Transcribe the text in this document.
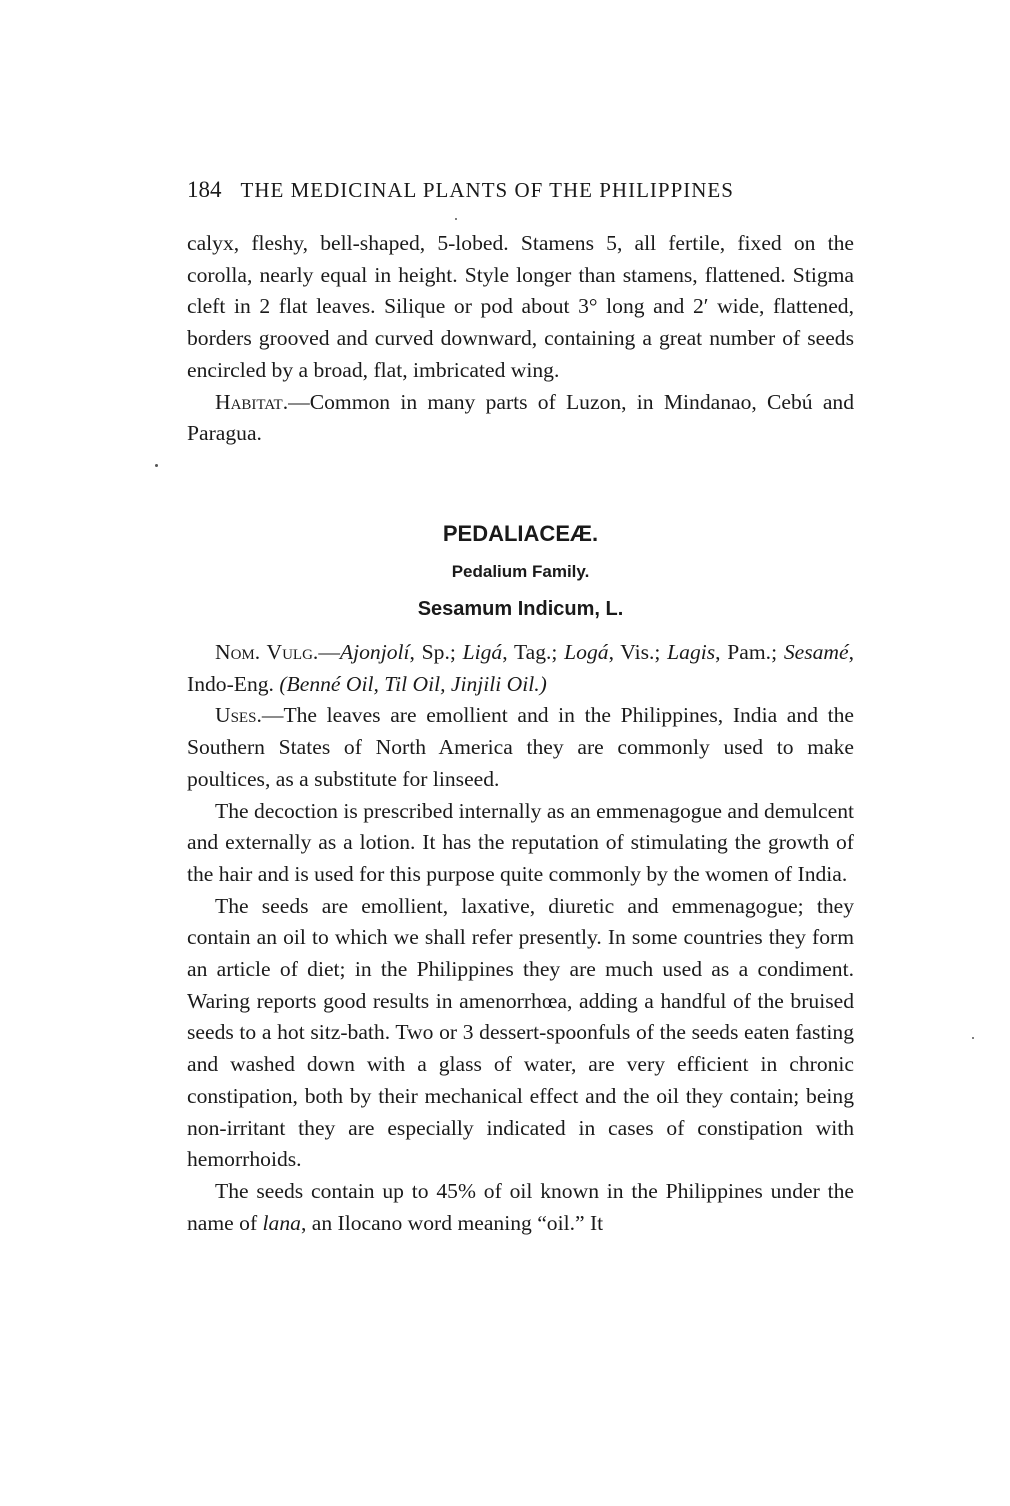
184 THE MEDICINAL PLANTS OF THE PHILIPPINES

calyx, fleshy, bell-shaped, 5-lobed. Stamens 5, all fertile, fixed on the corolla, nearly equal in height. Style longer than stamens, flattened. Stigma cleft in 2 flat leaves. Silique or pod about 3° long and 2′ wide, flattened, borders grooved and curved downward, containing a great number of seeds encircled by a broad, flat, imbricated wing.

Habitat.—Common in many parts of Luzon, in Mindanao, Cebú and Paragua.

PEDALIACEÆ.
Pedalium Family.
Sesamum Indicum, L.

Nom. Vulg.—Ajonjolí, Sp.; Ligá, Tag.; Logá, Vis.; Lagis, Pam.; Sesamé, Indo-Eng. (Benné Oil, Til Oil, Jinjili Oil.)

Uses.—The leaves are emollient and in the Philippines, India and the Southern States of North America they are commonly used to make poultices, as a substitute for linseed.

The decoction is prescribed internally as an emmenagogue and demulcent and externally as a lotion. It has the reputation of stimulating the growth of the hair and is used for this purpose quite commonly by the women of India.

The seeds are emollient, laxative, diuretic and emmenagogue; they contain an oil to which we shall refer presently. In some countries they form an article of diet; in the Philippines they are much used as a condiment. Waring reports good results in amenorrhœa, adding a handful of the bruised seeds to a hot sitz-bath. Two or 3 dessert-spoonfuls of the seeds eaten fasting and washed down with a glass of water, are very efficient in chronic constipation, both by their mechanical effect and the oil they contain; being non-irritant they are especially indicated in cases of constipation with hemorrhoids.

The seeds contain up to 45% of oil known in the Philippines under the name of lana, an Ilocano word meaning “oil.” It
